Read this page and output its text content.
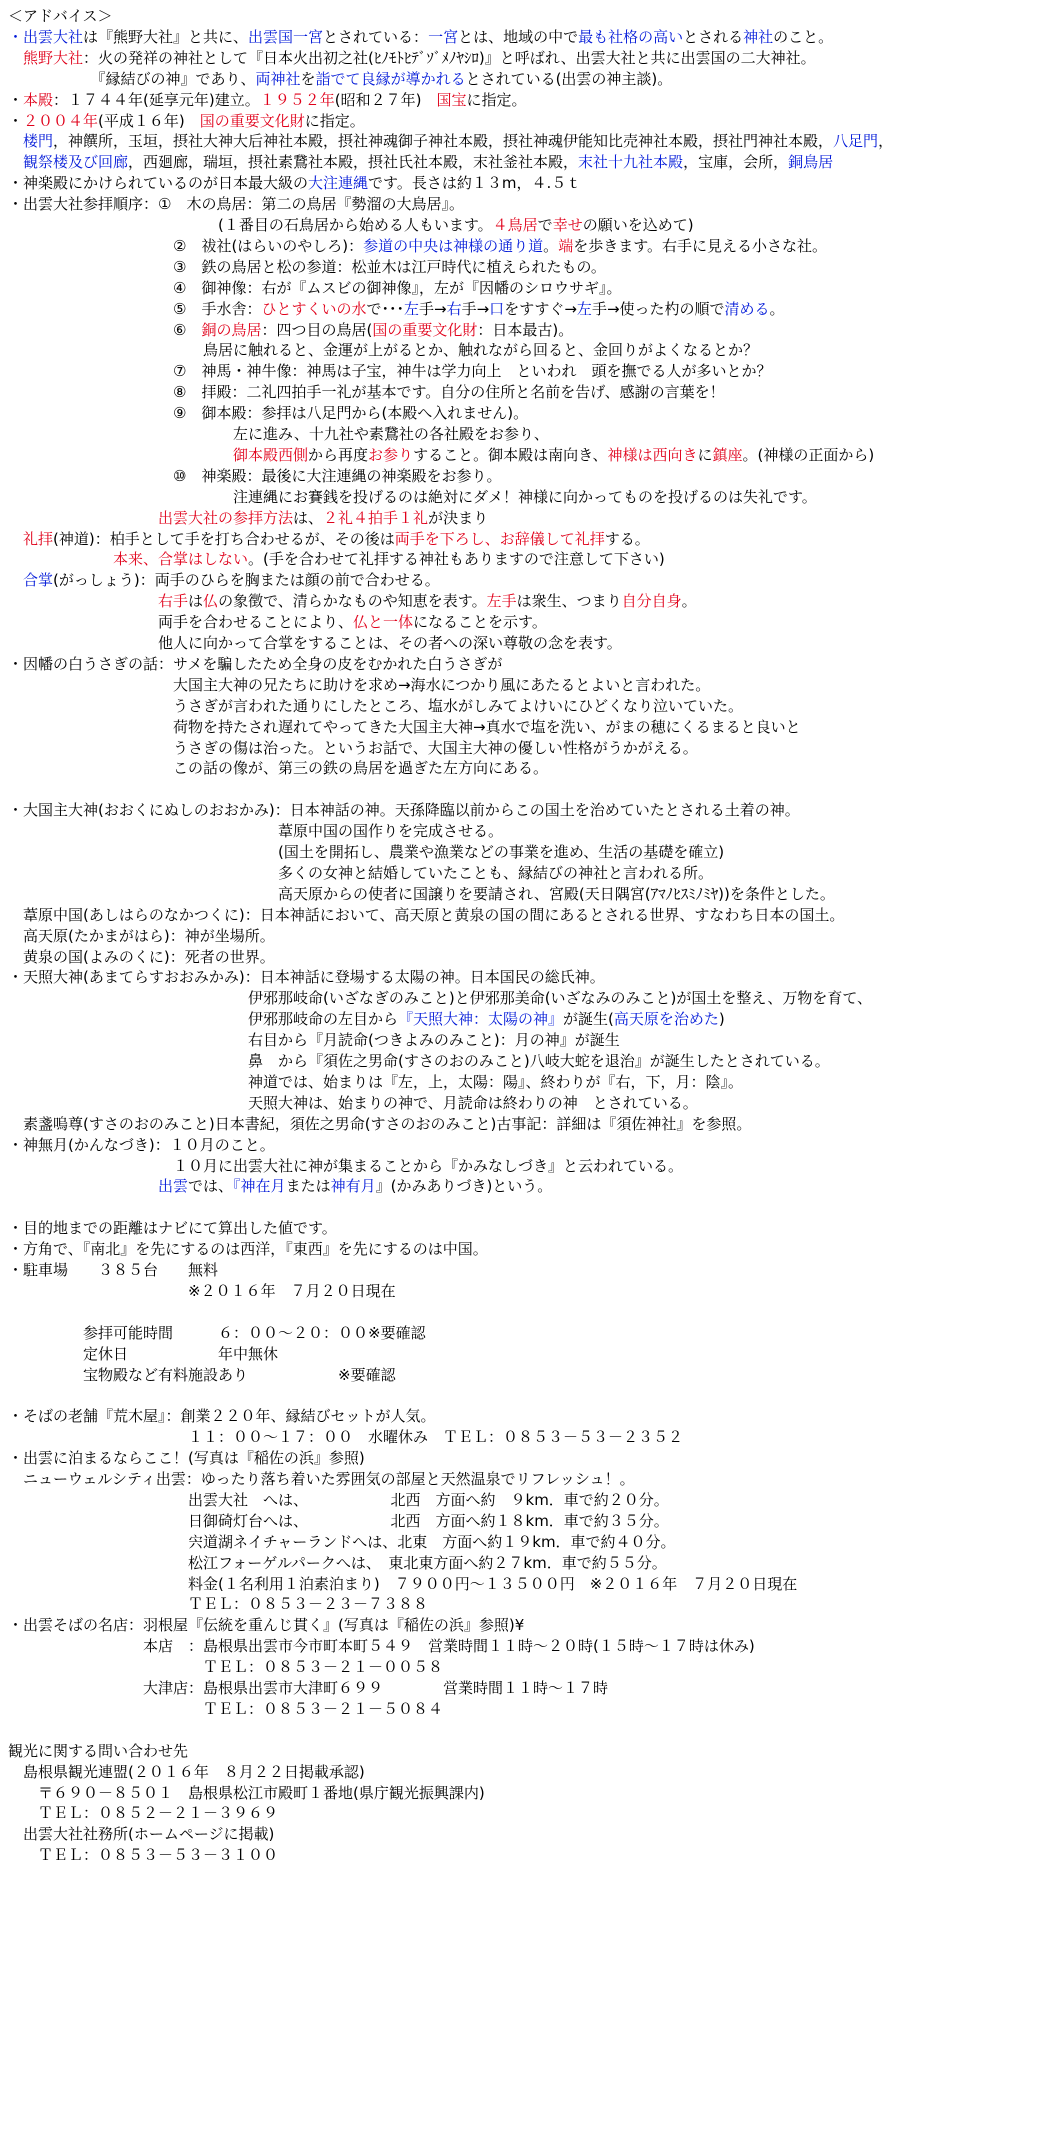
＜アドバイス＞
・出雲大社は『熊野大社』と共に、出雲国一宮とされている：一宮とは、地域の中で最も社格の高いとされる神社のこと。
　熊野大社：火の発祥の神社として『日本火出初之社(ﾋﾉﾓﾄﾋﾃﾞｿﾞﾒﾉﾔｼﾛ)』と呼ばれ、出雲大社と共に出雲国の二大神社。
　　　　　　『縁結びの神』であり、両神社を詣でて良縁が導かれるとされている(出雲の神主談)。
・本殿：１７４４年(延享元年)建立。１９５２年(昭和２７年)　国宝に指定。
・２００４年(平成１６年)　国の重要文化財に指定。
　楼門，神饌所，玉垣，摂社大神大后神社本殿，摂社神魂御子神社本殿，摂社神魂伊能知比売神社本殿，摂社門神社本殿，八足門，
　観祭楼及び回廊，西廻廊，瑞垣，摂社素鵞社本殿，摂社氏社本殿，末社釜社本殿，末社十九社本殿，宝庫，会所，銅鳥居
・神楽殿にかけられているのが日本最大級の大注連縄です。長さは約１３m，４.５ｔ
・出雲大社参拝順序：①　木の鳥居：第二の鳥居『勢溜の大鳥居』。
　　　　　　　　　　　　　　(１番目の石鳥居から始める人もいます。４鳥居で幸せの願いを込めて)
　　　　　　　　　　　②　祓社(はらいのやしろ)：参道の中央は神様の通り道。端を歩きます。右手に見える小さな社。
　　　　　　　　　　　③　鉄の鳥居と松の参道：松並木は江戸時代に植えられたもの。
　　　　　　　　　　　④　御神像：右が『ムスビの御神像』，左が『因幡のシロウサギ』。
　　　　　　　　　　　⑤　手水舎：ひとすくいの水で･･･左手→右手→口をすすぐ→左手→使った杓の順で清める。
　　　　　　　　　　　⑥　銅の鳥居：四つ目の鳥居(国の重要文化財：日本最古)。
　　　　　　　　　　　　　鳥居に触れると、金運が上がるとか、触れながら回ると、金回りがよくなるとか？
　　　　　　　　　　　⑦　神馬・神牛像：神馬は子宝，神牛は学力向上　といわれ　頭を撫でる人が多いとか？
　　　　　　　　　　　⑧　拝殿：二礼四拍手一礼が基本です。自分の住所と名前を告げ、感謝の言葉を！
　　　　　　　　　　　⑨　御本殿：参拝は八足門から(本殿へ入れません)。
　　　　　　　　　　　　　　　左に進み、十九社や素鵞社の各社殿をお参り、
　　　　　　　　　　　　　　　御本殿西側から再度お参りすること。御本殿は南向き、神様は西向きに鎮座。(神様の正面から)
　　　　　　　　　　　⑩　神楽殿：最後に大注連縄の神楽殿をお参り。
　　　　　　　　　　　　　　　注連縄にお賽銭を投げるのは絶対にダメ！神様に向かってものを投げるのは失礼です。
　　　　　　　　　　出雲大社の参拝方法は、２礼４拍手１礼が決まり
　礼拝(神道)：柏手として手を打ち合わせるが、その後は両手を下ろし、お辞儀して礼拝する。
　　　　　　　本来、合掌はしない。(手を合わせて礼拝する神社もありますので注意して下さい)
　合掌(がっしょう)：両手のひらを胸または顔の前で合わせる。
　　　　　　　　　　右手は仏の象徴で、清らかなものや知恵を表す。左手は衆生、つまり自分自身。
　　　　　　　　　　両手を合わせることにより、仏と一体になることを示す。
　　　　　　　　　　他人に向かって合掌をすることは、その者への深い尊敬の念を表す。
・因幡の白うさぎの話：サメを騙したため全身の皮をむかれた白うさぎが
　　　　　　　　　　　大国主大神の兄たちに助けを求め→海水につかり風にあたるとよいと言われた。
　　　　　　　　　　　うさぎが言われた通りにしたところ、塩水がしみてよけいにひどくなり泣いていた。
　　　　　　　　　　　荷物を持たされ遅れてやってきた大国主大神→真水で塩を洗い、がまの穂にくるまると良いと
　　　　　　　　　　　うさぎの傷は治った。というお話で、大国主大神の優しい性格がうかがえる。
　　　　　　　　　　　この話の像が、第三の鉄の鳥居を過ぎた左方向にある。
・大国主大神(おおくにぬしのおおかみ)：日本神話の神。天孫降臨以前からこの国土を治めていたとされる土着の神。
　　　　　　　　　　　　　　　　　　葦原中国の国作りを完成させる。
　　　　　　　　　　　　　　　　　　(国土を開拓し、農業や漁業などの事業を進め、生活の基礎を確立)
　　　　　　　　　　　　　　　　　　多くの女神と結婚していたことも、縁結びの神社と言われる所。
　　　　　　　　　　　　　　　　　　高天原からの使者に国譲りを要請され、宮殿(天日隅宮(ｱﾏﾉﾋｽﾐﾉﾐﾔ))を条件とした。
　葦原中国(あしはらのなかつくに)：日本神話において、高天原と黄泉の国の間にあるとされる世界、すなわち日本の国土。
　高天原(たかまがはら)：神が坐場所。
　黄泉の国(よみのくに)：死者の世界。
・天照大神(あまてらすおおみかみ)：日本神話に登場する太陽の神。日本国民の総氏神。
　　　　　　　　　　　　　　　　伊邪那岐命(いざなぎのみこと)と伊邪那美命(いざなみのみこと)が国土を整え、万物を育て、
　　　　　　　　　　　　　　　　伊邪那岐命の左目から『天照大神：太陽の神』が誕生(高天原を治めた)
　　　　　　　　　　　　　　　　右目から『月読命(つきよみのみこと)：月の神』が誕生
　　　　　　　　　　　　　　　　鼻　から『須佐之男命(すさのおのみこと)八岐大蛇を退治』が誕生したとされている。
　　　　　　　　　　　　　　　　神道では、始まりは『左，上，太陽：陽』、終わりが『右，下，月：陰』。
　　　　　　　　　　　　　　　　天照大神は、始まりの神で、月読命は終わりの神　とされている。
　素盞嗚尊(すさのおのみこと)日本書紀，須佐之男命(すさのおのみこと)古事記：詳細は『須佐神社』を参照。
・神無月(かんなづき)：１０月のこと。
　　　　　　　　　　　１０月に出雲大社に神が集まることから『かみなしづき』と云われている。
　　　　　　　　　　出雲では、『神在月または神有月』(かみありづき)という。
・目的地までの距離はナビにて算出した値です。
・方角で、『南北』を先にするのは西洋，『東西』を先にするのは中国。
・駐車場　　３８５台　　無料
　　　　　　　　　　　　※２０１６年　７月２０日現在
　　　　　参拝可能時間　　　６：００～２０：００※要確認
　　　　　定休日　　　　　　年中無休
　　　　　宝物殿など有料施設あり　　　　　　※要確認
・そばの老舗『荒木屋』：創業２２０年、縁結びセットが人気。
　　　　　　　　　　　　１１：００～１７：００　水曜休み　ＴＥＬ：０８５３－５３－２３５２
・出雲に泊まるならここ！(写真は『稲佐の浜』参照)
　ニューウェルシティ出雲：ゆったり落ち着いた雰囲気の部屋と天然温泉でリフレッシュ！。
　　　　　　　　　　　　出雲大社　へは、　　　　　　北西　方面へ約　９km．車で約２０分。
　　　　　　　　　　　　日御碕灯台へは、　　　　　　北西　方面へ約１８km．車で約３５分。
　　　　　　　　　　　　宍道湖ネイチャーランドへは、北東　方面へ約１９km．車で約４０分。
　　　　　　　　　　　　松江フォーゲルパークへは、　東北東方面へ約２７km．車で約５５分。
　　　　　　　　　　　　料金(１名利用１泊素泊まり)　７９００円～１３５００円　※２０１６年　７月２０日現在
　　　　　　　　　　　　ＴＥＬ：０８５３－２３－７３８８
・出雲そばの名店：羽根屋『伝統を重んじ貫く』(写真は『稲佐の浜』参照)¥
　　　　　　　　　本店　：島根県出雲市今市町本町５４９　営業時間１１時～２０時(１５時～１７時は休み)
　　　　　　　　　　　　　ＴＥＬ：０８５３－２１－００５８
　　　　　　　　　大津店：島根県出雲市大津町６９９　　　　営業時間１１時～１７時
　　　　　　　　　　　　　ＴＥＬ：０８５３－２１－５０８４
観光に関する問い合わせ先
　島根県観光連盟(２０１６年　８月２２日掲載承認)
　　〒６９０－８５０１　島根県松江市殿町１番地(県庁観光振興課内)
　　ＴＥＬ：０８５２－２１－３９６９
　出雲大社社務所(ホームページに掲載)
　　ＴＥＬ：０８５３－５３－３１００
